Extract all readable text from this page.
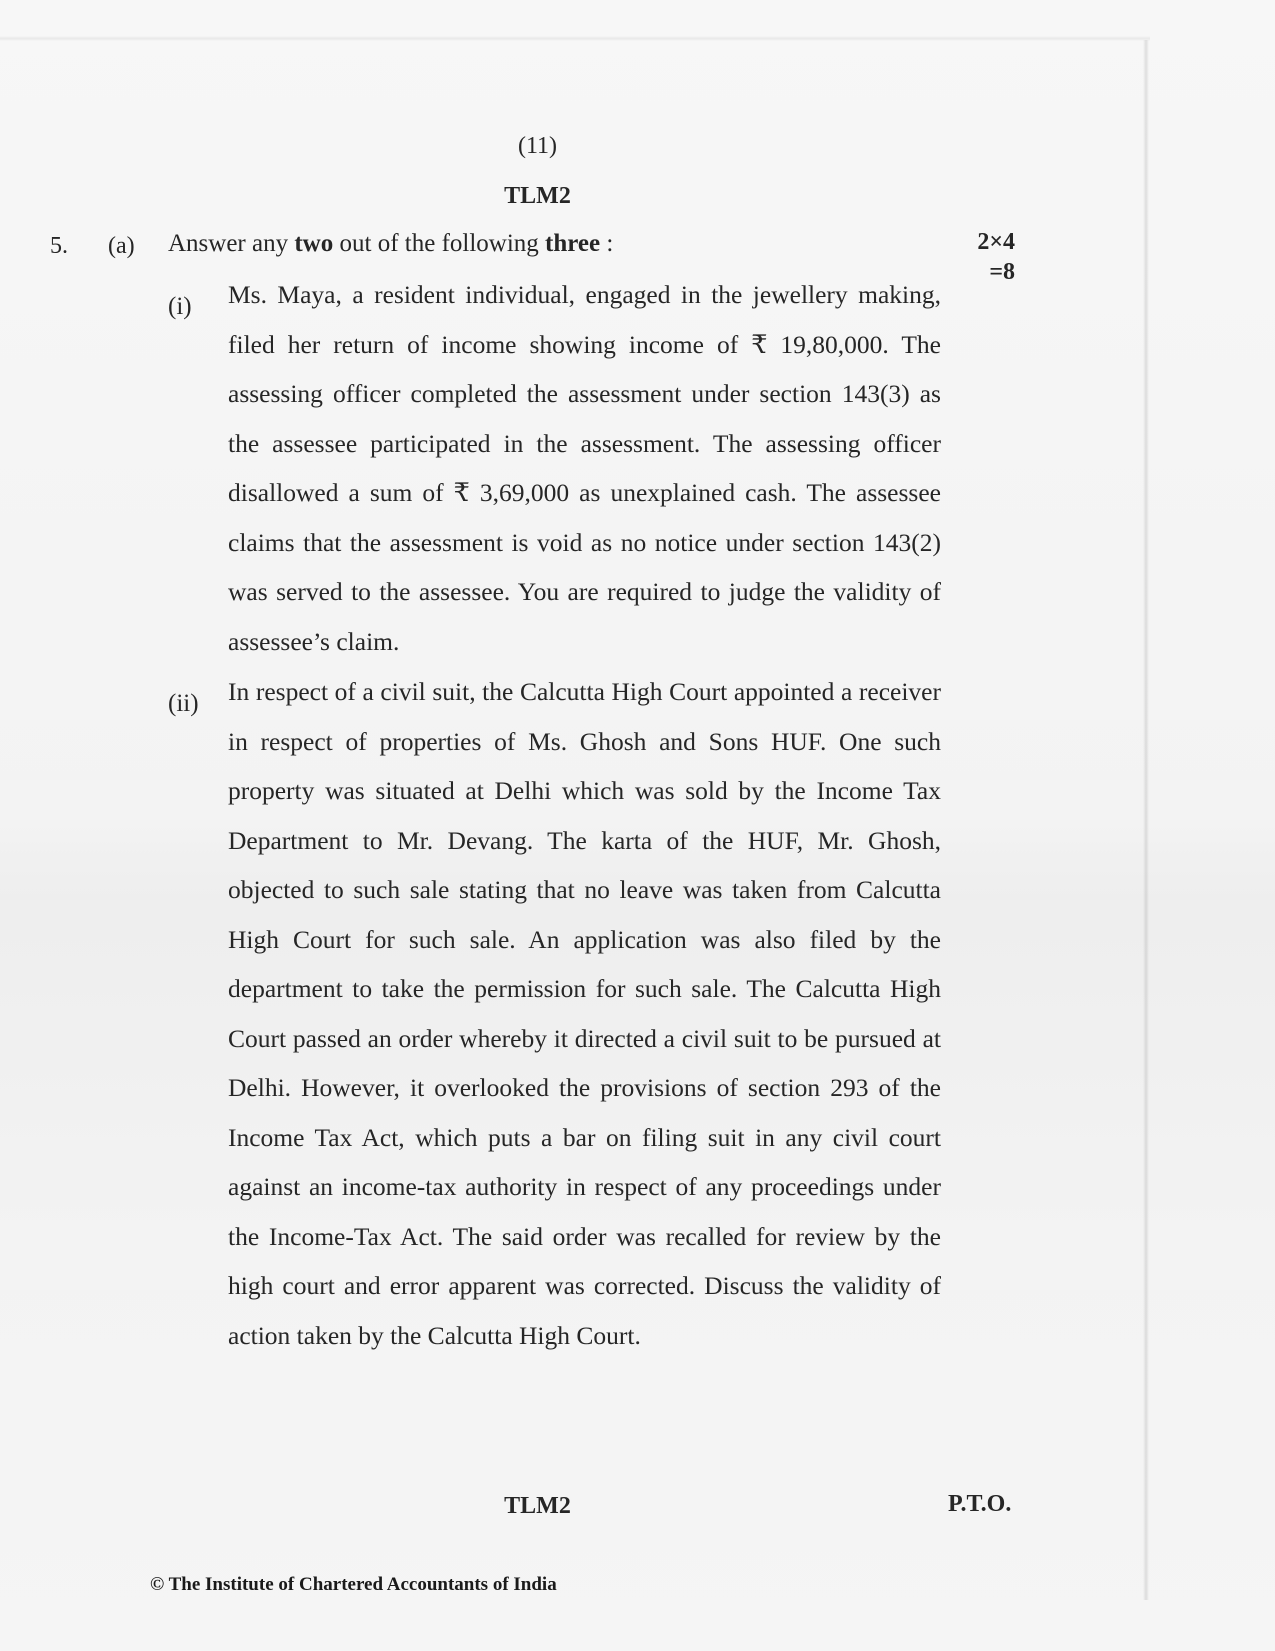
(11)
TLM2
5. (a) Answer any two out of the following three :	2×4
=8
(i) Ms. Maya, a resident individual, engaged in the jewellery making, filed her return of income showing income of ₹ 19,80,000. The assessing officer completed the assessment under section 143(3) as the assessee participated in the assessment. The assessing officer disallowed a sum of ₹ 3,69,000 as unexplained cash. The assessee claims that the assessment is void as no notice under section 143(2) was served to the assessee. You are required to judge the validity of assessee’s claim.

(ii) In respect of a civil suit, the Calcutta High Court appointed a receiver in respect of properties of Ms. Ghosh and Sons HUF. One such property was situated at Delhi which was sold by the Income Tax Department to Mr. Devang. The karta of the HUF, Mr. Ghosh, objected to such sale stating that no leave was taken from Calcutta High Court for such sale. An application was also filed by the department to take the permission for such sale. The Calcutta High Court passed an order whereby it directed a civil suit to be pursued at Delhi. However, it overlooked the provisions of section 293 of the Income Tax Act, which puts a bar on filing suit in any civil court against an income-tax authority in respect of any proceedings under the Income-Tax Act. The said order was recalled for review by the high court and error apparent was corrected. Discuss the validity of action taken by the Calcutta High Court.

TLM2	P.T.O.
© The Institute of Chartered Accountants of India
